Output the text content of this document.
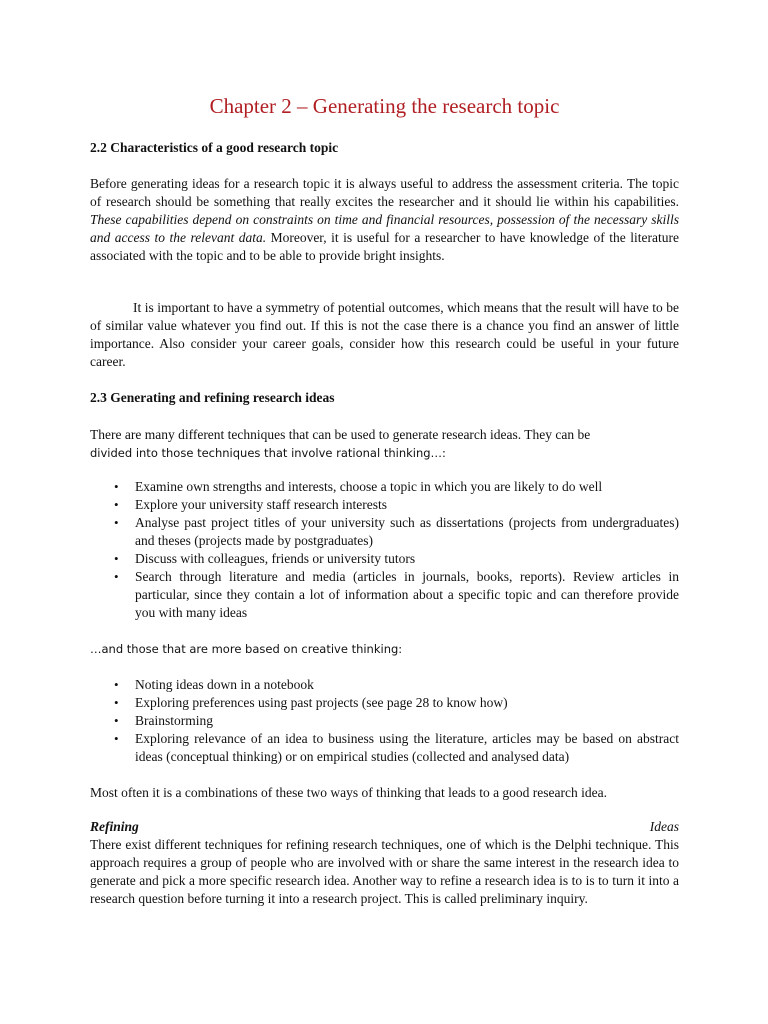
Chapter 2 – Generating the research topic
2.2 Characteristics of a good research topic

Before generating ideas for a research topic it is always useful to address the assessment criteria. The topic of research should be something that really excites the researcher and it should lie within his capabilities. These capabilities depend on constraints on time and financial resources, possession of the necessary skills and access to the relevant data. Moreover, it is useful for a researcher to have knowledge of the literature associated with the topic and to be able to provide bright insights.

It is important to have a symmetry of potential outcomes, which means that the result will have to be of similar value whatever you find out. If this is not the case there is a chance you find an answer of little importance. Also consider your career goals, consider how this research could be useful in your future career.

2.3 Generating and refining research ideas

There are many different techniques that can be used to generate research ideas. They can be

divided into those techniques that involve rational thinking…:

• Examine own strengths and interests, choose a topic in which you are likely to do well
• Explore your university staff research interests
• Analyse past project titles of your university such as dissertations (projects from undergraduates) and theses (projects made by postgraduates)
• Discuss with colleagues, friends or university tutors
• Search through literature and media (articles in journals, books, reports). Review articles in particular, since they contain a lot of information about a specific topic and can therefore provide you with many ideas

…and those that are more based on creative thinking:

• Noting ideas down in a notebook
• Exploring preferences using past projects (see page 28 to know how)
• Brainstorming
• Exploring relevance of an idea to business using the literature, articles may be based on abstract ideas (conceptual thinking) or on empirical studies (collected and analysed data)

Most often it is a combinations of these two ways of thinking that leads to a good research idea.

Refining	Ideas

There exist different techniques for refining research techniques, one of which is the Delphi technique. This approach requires a group of people who are involved with or share the same interest in the research idea to generate and pick a more specific research idea. Another way to refine a research idea is to is to turn it into a research question before turning it into a research project. This is called preliminary inquiry.
